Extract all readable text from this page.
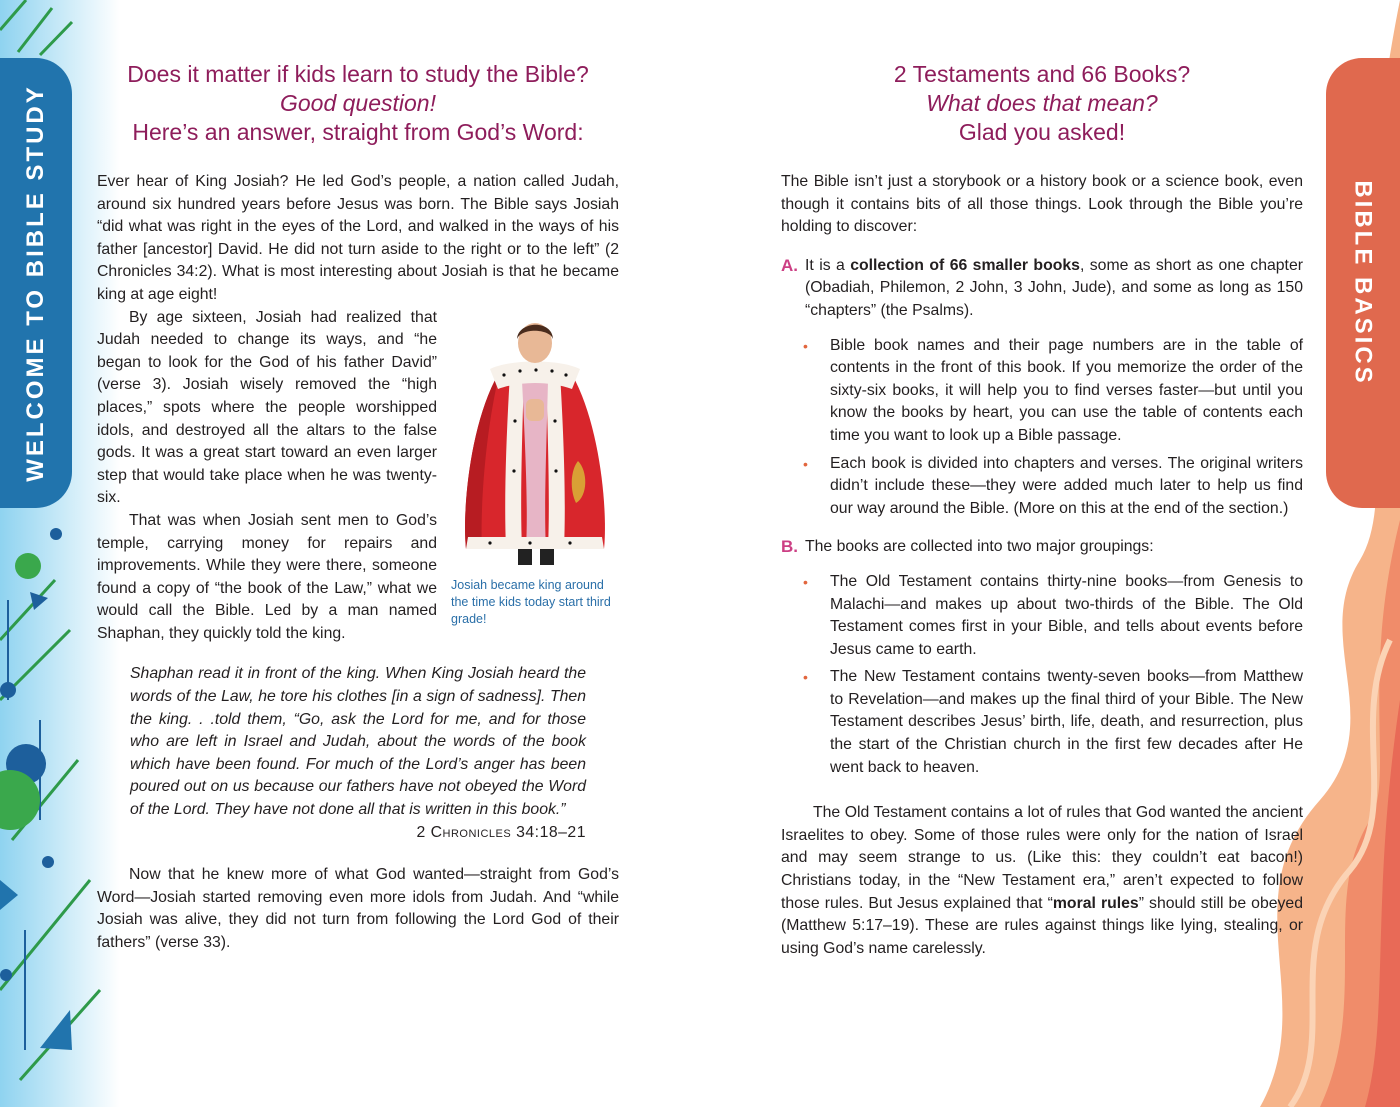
WELCOME TO BIBLE STUDY	BIBLE BASICS
Does it matter if kids learn to study the Bible?
Good question!
Here’s an answer, straight from God’s Word:

Ever hear of King Josiah? He led God’s people, a nation called Judah, around six hundred years before Jesus was born. The Bible says Josiah “did what was right in the eyes of the Lord, and walked in the ways of his father [ancestor] David. He did not turn aside to the right or to the left” (2 Chronicles 34:2). What is most interesting about Josiah is that he became king at age eight!

Josiah became king around the time kids today start third grade!

By age sixteen, Josiah had realized that Judah needed to change its ways, and “he began to look for the God of his father David” (verse 3). Josiah wisely removed the “high places,” spots where the people worshipped idols, and destroyed all the altars to the false gods. It was a great start toward an even larger step that would take place when he was twenty-six.

That was when Josiah sent men to God’s temple, carrying money for repairs and improvements. While they were there, someone found a copy of “the book of the Law,” what we would call the Bible. Led by a man named Shaphan, they quickly told the king.

Shaphan read it in front of the king. When King Josiah heard the words of the Law, he tore his clothes [in a sign of sadness]. Then the king. . .told them, “Go, ask the Lord for me, and for those who are left in Israel and Judah, about the words of the book which have been found. For much of the Lord’s anger has been poured out on us because our fathers have not obeyed the Word of the Lord. They have not done all that is written in this book.”

2 Chronicles 34:18–21

Now that he knew more of what God wanted—straight from God’s Word—Josiah started removing even more idols from Judah. And “while Josiah was alive, they did not turn from following the Lord God of their fathers” (verse 33).

2 Testaments and 66 Books?
What does that mean?
Glad you asked!

The Bible isn’t just a storybook or a history book or a science book, even though it contains bits of all those things. Look through the Bible you’re holding to discover:

A. It is a collection of 66 smaller books, some as short as one chapter (Obadiah, Philemon, 2 John, 3 John, Jude), and some as long as 150 “chapters” (the Psalms).

•	Bible book names and their page numbers are in the table of contents in the front of this book. If you memorize the order of the sixty-six books, it will help you to find verses faster—but until you know the books by heart, you can use the table of contents each time you want to look up a Bible passage.
•	Each book is divided into chapters and verses. The original writers didn’t include these—they were added much later to help us find our way around the Bible. (More on this at the end of the section.)
B. The books are collected into two major groupings:

•	The Old Testament contains thirty-nine books—from Genesis to Malachi—and makes up about two-thirds of the Bible. The Old Testament comes first in your Bible, and tells about events before Jesus came to earth.
•	The New Testament contains twenty-seven books—from Matthew to Revelation—and makes up the final third of your Bible. The New Testament describes Jesus’ birth, life, death, and resurrection, plus the start of the Christian church in the first few decades after He went back to heaven.

The Old Testament contains a lot of rules that God wanted the ancient Israelites to obey. Some of those rules were only for the nation of Israel and may seem strange to us. (Like this: they couldn’t eat bacon!) Christians today, in the “New Testament era,” aren’t expected to follow those rules. But Jesus explained that “moral rules” should still be obeyed (Matthew 5:17–19). These are rules against things like lying, stealing, or using God’s name carelessly.
